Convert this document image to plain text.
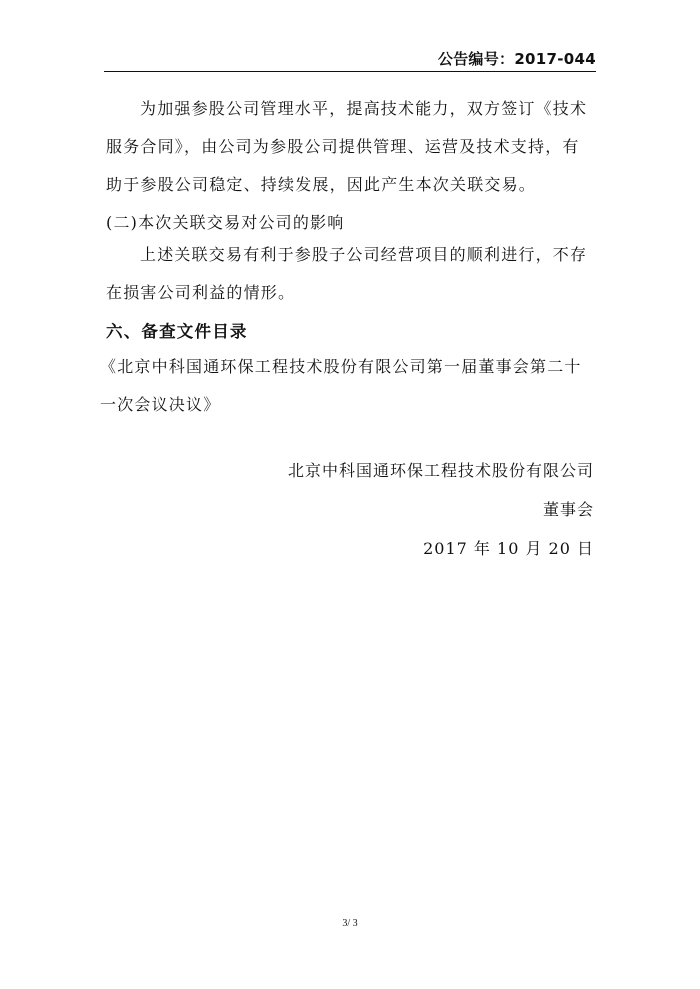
公告编号：2017-044
为加强参股公司管理水平，提高技术能力，双方签订《技术服务合同》，由公司为参股公司提供管理、运营及技术支持，有助于参股公司稳定、持续发展，因此产生本次关联交易。
(二)本次关联交易对公司的影响
上述关联交易有利于参股子公司经营项目的顺利进行，不存在损害公司利益的情形。
六、备查文件目录
《北京中科国通环保工程技术股份有限公司第一届董事会第二十一次会议决议》
北京中科国通环保工程技术股份有限公司
董事会
2017 年 10 月 20 日
3/ 3
